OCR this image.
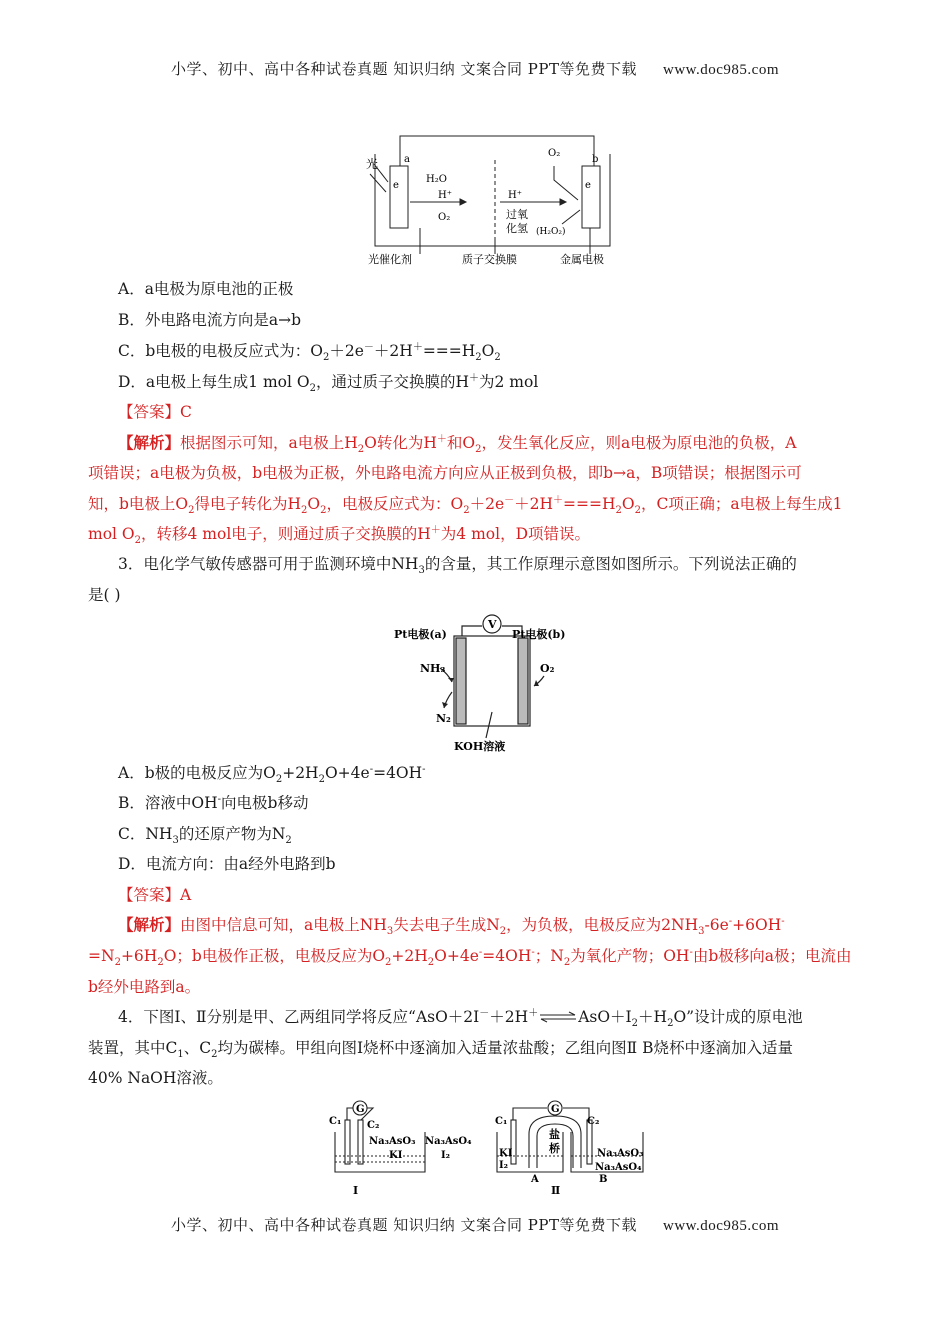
小学、初中、高中各种试卷真题 知识归纳 文案合同 PPT等免费下载 www.doc985.com
光	a	b
e	e
H₂O
H⁺
O₂
H⁺
O₂
过氧
化氢 (H₂O₂)
光催化剂	质子交换膜	金属电极
A．a电极为原电池的正极
B．外电路电流方向是a→b
C．b电极的电极反应式为：$O_2+2e^-+2H^+===H_2O_2$
D．a电极上每生成1 mol $O_2$，通过质子交换膜的H＋为2 mol
【答案】C
【解析】根据图示可知，a电极上$H_2O$转化为H＋和$O_2$，发生氧化反应，则a电极为原电池的负极，A
项错误；a电极为负极，b电极为正极，外电路电流方向应从正极到负极，即b→a，B项错误；根据图示可
知，b电极上$O_2$得电子转化为$H_2O_2$，电极反应式为：$O_2+2e^-+2H^+===H_2O_2$，C项正确；a电极上每生成1
mol $O_2$，转移4 mol电子，则通过质子交换膜的H＋为4 mol，D项错误。
3．电化学气敏传感器可用于监测环境中$NH_3$的含量，其工作原理示意图如图所示。下列说法正确的
是( )
V
Pt电极(a)	Pt电极(b)
NH₃
N₂
O₂
KOH溶液
A．b极的电极反应为$O_2+2H_2O+4e^-=4OH^-$
B．溶液中OH-向电极b移动
C．$NH_3$的还原产物为$N_2$
D．电流方向：由a经外电路到b
【答案】A
【解析】由图中信息可知，a电极上$NH_3$失去电子生成$N_2$，为负极，电极反应为$2NH_3-6e^-+6OH^-$
$=N_2+6H_2O$；b电极作正极，电极反应为$O_2+2H_2O+4e^-=4OH^-$；$N_2$为氧化产物；OH-由b极移向a极；电流由
b经外电路到a。
4．下图Ⅰ、Ⅱ分别是甲、乙两组同学将反应“$AsO+2I^-+2H^+\rightleftharpoons AsO+I_2+H_2O$”设计成的原电池
装置，其中$C_1$、$C_2$均为碳棒。甲组向图Ⅰ烧杯中逐滴加入适量浓盐酸；乙组向图Ⅱ B烧杯中逐滴加入适量
40% NaOH溶液。
G
C₁	C₂
Na₃AsO₃ Na₃AsO₄
KI	I₂
Ⅰ
G
C₁	C₂
盐
桥
KI
I₂
Na₃AsO₃
Na₃AsO₄
A	B
Ⅱ
小学、初中、高中各种试卷真题 知识归纳 文案合同 PPT等免费下载 www.doc985.com
